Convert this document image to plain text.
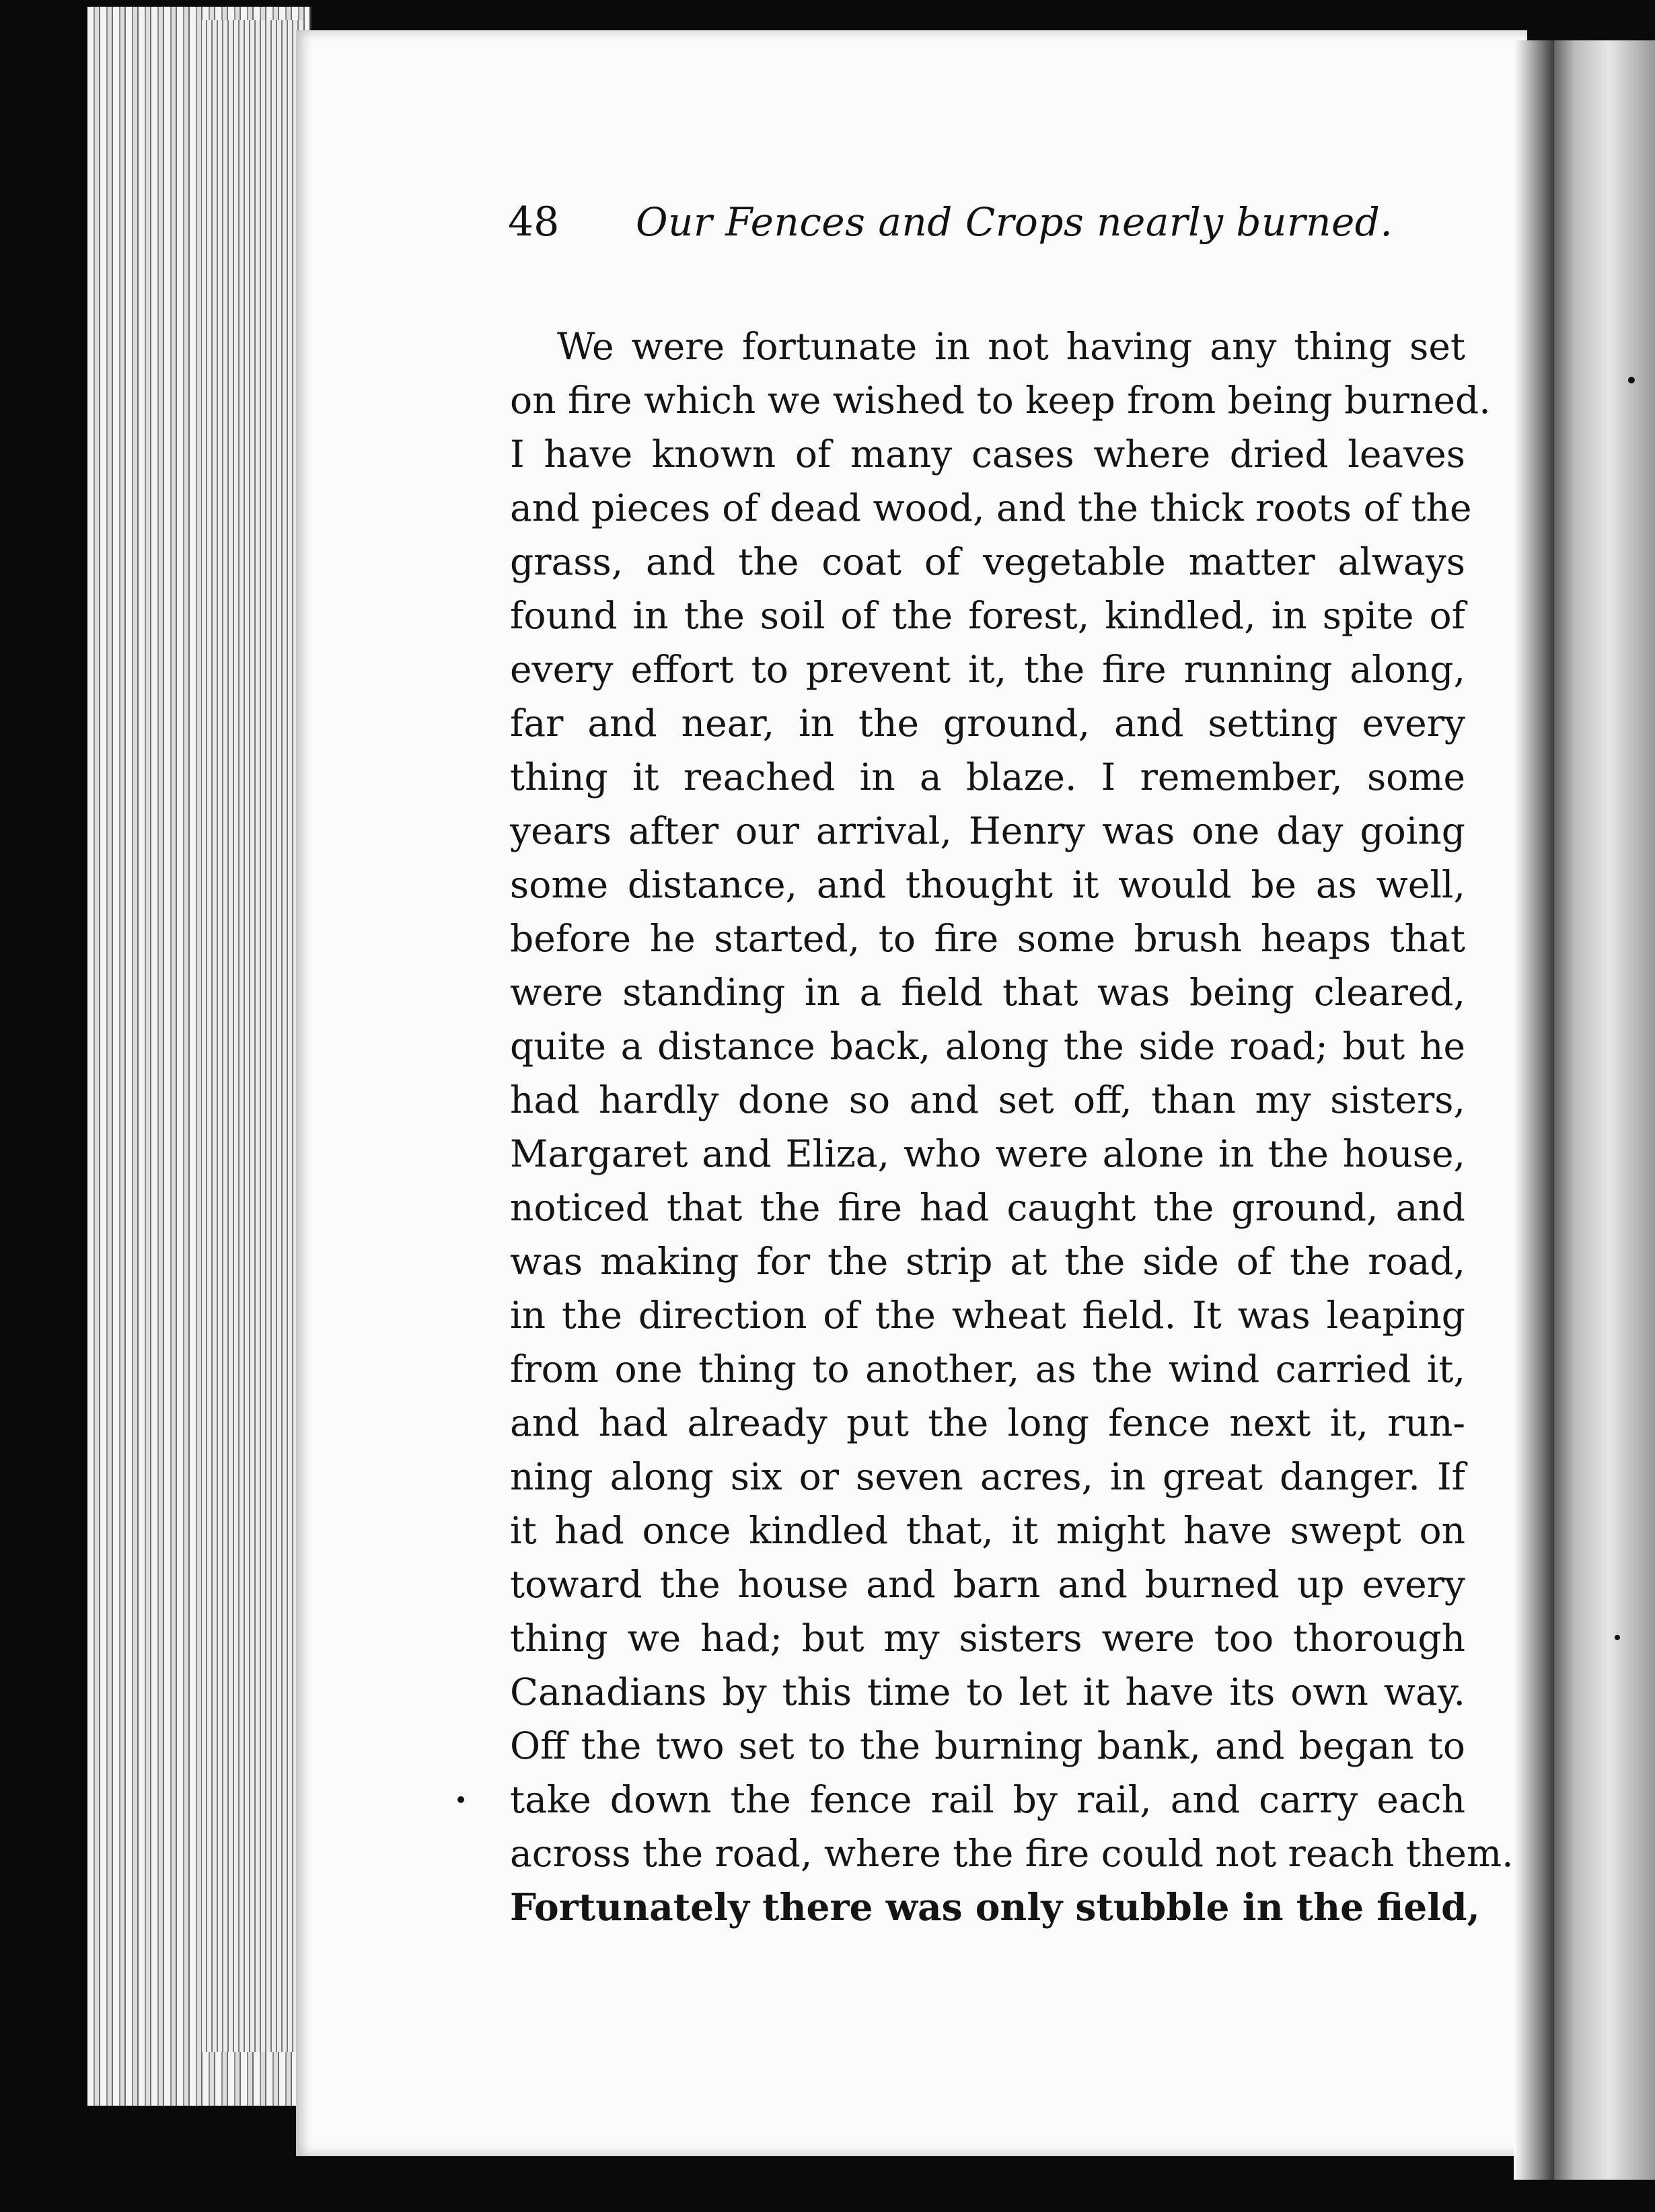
48	Our Fences and Crops nearly burned.
We were fortunate in not having any thing set
on fire which we wished to keep from being burned.
I have known of many cases where dried leaves
and pieces of dead wood, and the thick roots of the
grass, and the coat of vegetable matter always
found in the soil of the forest, kindled, in spite of
every effort to prevent it, the fire running along,
far and near, in the ground, and setting every
thing it reached in a blaze. I remember, some
years after our arrival, Henry was one day going
some distance, and thought it would be as well,
before he started, to fire some brush heaps that
were standing in a field that was being cleared,
quite a distance back, along the side road; but he
had hardly done so and set off, than my sisters,
Margaret and Eliza, who were alone in the house,
noticed that the fire had caught the ground, and
was making for the strip at the side of the road,
in the direction of the wheat field. It was leaping
from one thing to another, as the wind carried it,
and had already put the long fence next it, run-
ning along six or seven acres, in great danger. If
it had once kindled that, it might have swept on
toward the house and barn and burned up every
thing we had; but my sisters were too thorough
Canadians by this time to let it have its own way.
Off the two set to the burning bank, and began to
take down the fence rail by rail, and carry each
across the road, where the fire could not reach them.
Fortunately there was only stubble in the field,
